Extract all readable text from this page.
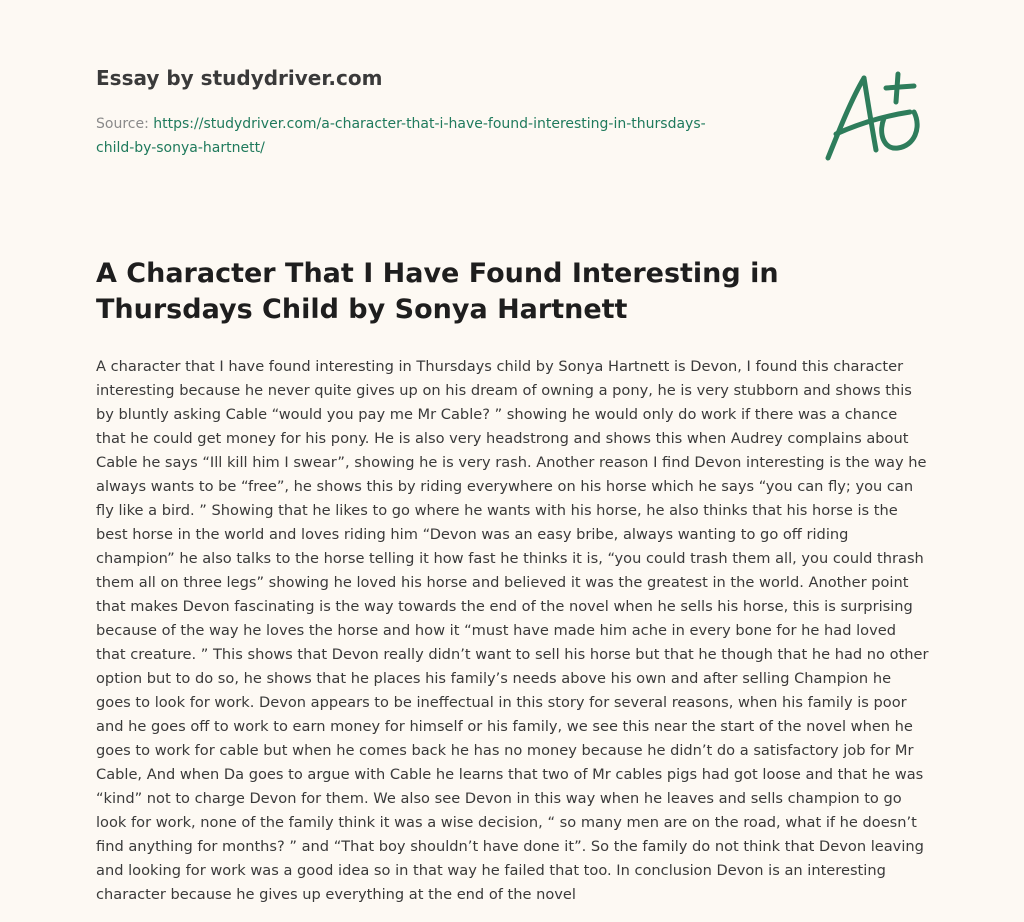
Essay by studydriver.com
Source: https://studydriver.com/a-character-that-i-have-found-interesting-in-thursdays-
child-by-sonya-hartnett/
A Character That I Have Found Interesting in Thursdays Child by Sonya Hartnett

A character that I have found interesting in Thursdays child by Sonya Hartnett is Devon, I found this character interesting because he never quite gives up on his dream of owning a pony, he is very stubborn and shows this by bluntly asking Cable “would you pay me Mr Cable? ” showing he would only do work if there was a chance that he could get money for his pony. He is also very headstrong and shows this when Audrey complains about Cable he says “Ill kill him I swear”, showing he is very rash. Another reason I find Devon interesting is the way he always wants to be “free”, he shows this by riding everywhere on his horse which he says “you can fly; you can fly like a bird. ” Showing that he likes to go where he wants with his horse, he also thinks that his horse is the best horse in the world and loves riding him “Devon was an easy bribe, always wanting to go off riding champion” he also talks to the horse telling it how fast he thinks it is, “you could trash them all, you could thrash them all on three legs” showing he loved his horse and believed it was the greatest in the world. Another point that makes Devon fascinating is the way towards the end of the novel when he sells his horse, this is surprising because of the way he loves the horse and how it “must have made him ache in every bone for he had loved that creature. ” This shows that Devon really didn’t want to sell his horse but that he though that he had no other option but to do so, he shows that he places his family’s needs above his own and after selling Champion he goes to look for work. Devon appears to be ineffectual in this story for several reasons, when his family is poor and he goes off to work to earn money for himself or his family, we see this near the start of the novel when he goes to work for cable but when he comes back he has no money because he didn’t do a satisfactory job for Mr Cable, And when Da goes to argue with Cable he learns that two of Mr cables pigs had got loose and that he was “kind” not to charge Devon for them. We also see Devon in this way when he leaves and sells champion to go look for work, none of the family think it was a wise decision, “ so many men are on the road, what if he doesn’t find anything for months? ” and “That boy shouldn’t have done it”. So the family do not think that Devon leaving and looking for work was a good idea so in that way he failed that too. In conclusion Devon is an interesting character because he gives up everything at the end of the novel
